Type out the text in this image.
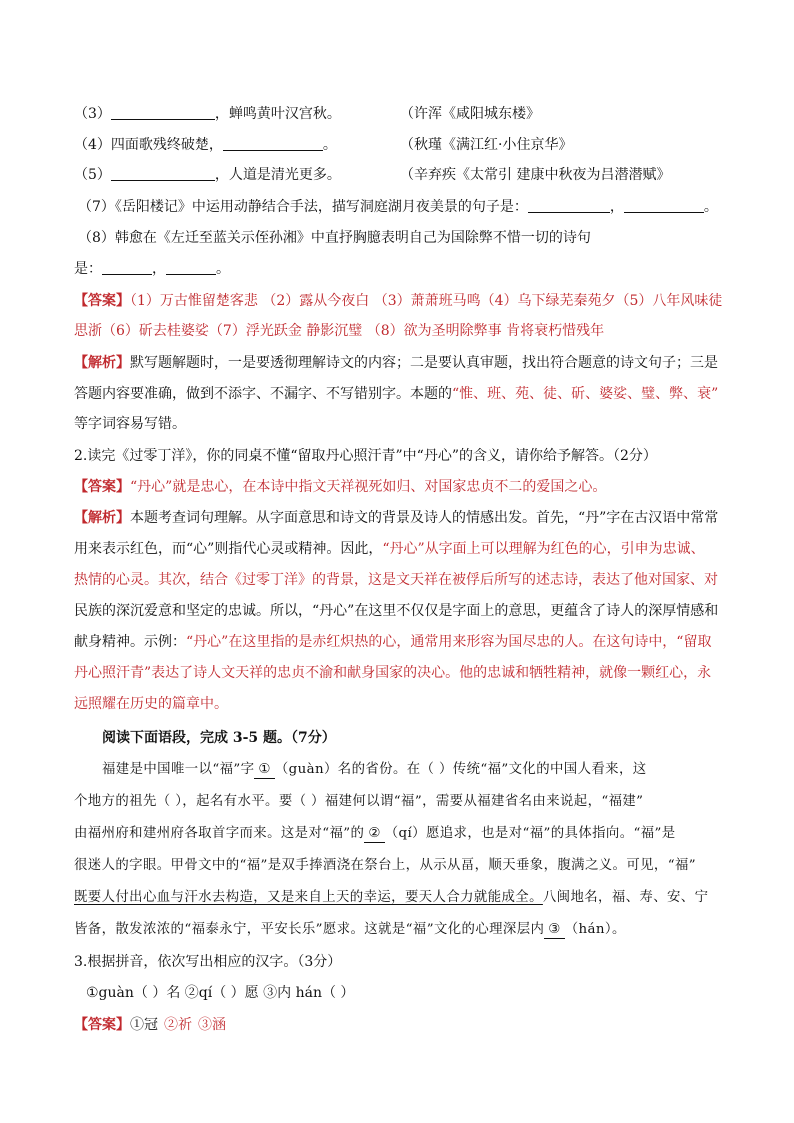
（3）	，蝉鸣黄叶汉宫秋。	（许浑《咸阳城东楼》
（4）四面歌残终破楚，	。	（秋瑾《满江红·小住京华》
（5）	，人道是清光更多。	（辛弃疾《太常引 建康中秋夜为吕潜潜赋》
（7）《岳阳楼记》中运用动静结合手法，描写洞庭湖月夜美景的句子是：	，	。
（8）韩愈在《左迁至蓝关示侄孙湘》中直抒胸臆表明自己为国除弊不惜一切的诗句
是：	，	。
【答案】（1）万古惟留楚客悲 （2）露从今夜白 （3）萧萧班马鸣（4）乌下绿芜秦苑夕（5）八年风味徒
思浙（6）斫去桂婆娑（7）浮光跃金 静影沉璧 （8）欲为圣明除弊事 肯将衰朽惜残年
【解析】默写题解题时，一是要透彻理解诗文的内容；二是要认真审题，找出符合题意的诗文句子；三是
答题内容要准确，做到不添字、不漏字、不写错别字。本题的“惟、班、苑、徒、斫、婆娑、璧、弊、衰”
等字词容易写错。
2.读完《过零丁洋》，你的同桌不懂“留取丹心照汗青”中“丹心”的含义，请你给予解答。（2分）
【答案】“丹心”就是忠心，在本诗中指文天祥视死如归、对国家忠贞不二的爱国之心。
【解析】本题考查词句理解。从字面意思和诗文的背景及诗人的情感出发。首先，“丹”字在古汉语中常常
用来表示红色，而“心”则指代心灵或精神。因此，“丹心”从字面上可以理解为红色的心，引申为忠诚、
热情的心灵。其次，结合《过零丁洋》的背景，这是文天祥在被俘后所写的述志诗，表达了他对国家、对
民族的深沉爱意和坚定的忠诚。所以，“丹心”在这里不仅仅是字面上的意思，更蕴含了诗人的深厚情感和
献身精神。示例：“丹心”在这里指的是赤红炽热的心，通常用来形容为国尽忠的人。在这句诗中，“留取
丹心照汗青”表达了诗人文天祥的忠贞不渝和献身国家的决心。他的忠诚和牺牲精神，就像一颗红心，永
远照耀在历史的篇章中。
阅读下面语段，完成 3-5 题。（7分）
福建是中国唯一以“福”字 ① （guàn）名的省份。在（ ）传统“福”文化的中国人看来，这
个地方的祖先（ ），起名有水平。要（ ）福建何以谓“福”，需要从福建省名由来说起，“福建”
由福州府和建州府各取首字而来。这是对“福”的 ② （qí）愿追求，也是对“福”的具体指向。“福”是
很迷人的字眼。甲骨文中的“福”是双手捧酒浇在祭台上，从示从畐，顺天垂象，腹满之义。可见，“福”
既要人付出心血与汗水去构造，又是来自上天的幸运，要天人合力就能成全。八闽地名，福、寿、安、宁
皆备，散发浓浓的“福泰永宁，平安长乐”愿求。这就是“福”文化的心理深层内 ③ （hán）。
3.根据拼音，依次写出相应的汉字。（3分）
①guàn（ ）名 ②qí（ ）愿 ③内 hán（ ）
【答案】①冠 ②祈 ③涵
